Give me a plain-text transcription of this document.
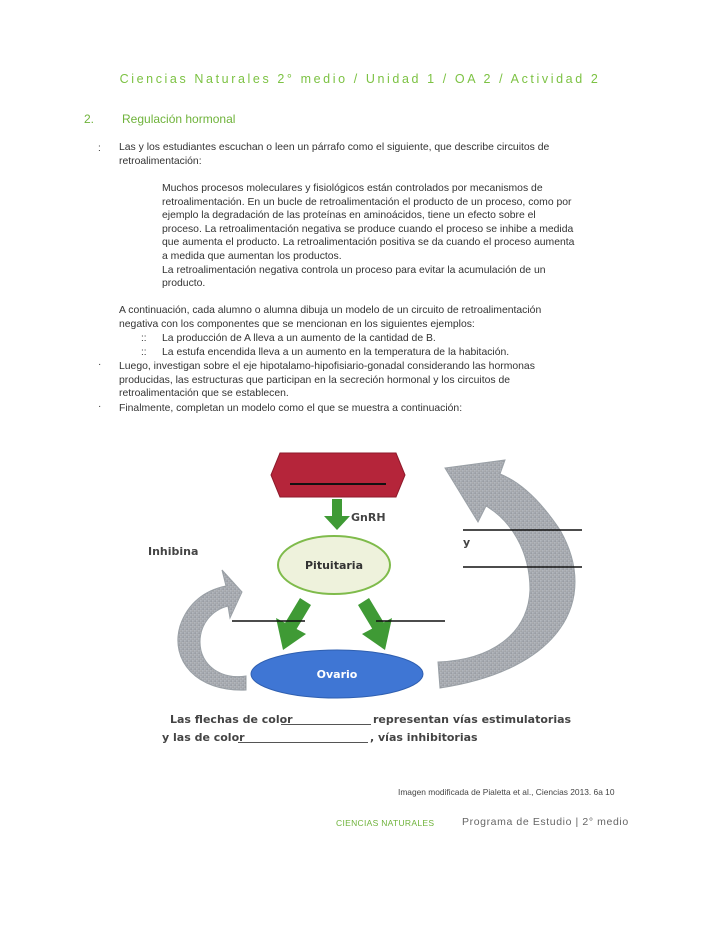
Ciencias Naturales 2° medio / Unidad 1 / OA 2 / Actividad 2
2. Regulación hormonal
: Las y los estudiantes escuchan o leen un párrafo como el siguiente, que describe circuitos de
retroalimentación:
Muchos procesos moleculares y fisiológicos están controlados por mecanismos de
retroalimentación. En un bucle de retroalimentación el producto de un proceso, como por
ejemplo la degradación de las proteínas en aminoácidos, tiene un efecto sobre el
proceso. La retroalimentación negativa se produce cuando el proceso se inhibe a medida
que aumenta el producto. La retroalimentación positiva se da cuando el proceso aumenta
a medida que aumentan los productos.
La retroalimentación negativa controla un proceso para evitar la acumulación de un
producto.
A continuación, cada alumno o alumna dibuja un modelo de un circuito de retroalimentación
negativa con los componentes que se mencionan en los siguientes ejemplos:
:: La producción de A lleva a un aumento de la cantidad de B.
:: La estufa encendida lleva a un aumento en la temperatura de la habitación.
· Luego, investigan sobre el eje hipotalamo-hipofisiario-gonadal considerando las hormonas
producidas, las estructuras que participan en la secreción hormonal y los circuitos de
retroalimentación que se establecen.
· Finalmente, completan un modelo como el que se muestra a continuación:
GnRH
Pituitaria
Ovario
Inhibina
y
Las flechas de color	representan vías estimulatorias
y las de color	, vías inhibitorias
Imagen modificada de Pialetta et al., Ciencias 2013. 6a 10
CIENCIAS NATURALES	Programa de Estudio | 2° medio
